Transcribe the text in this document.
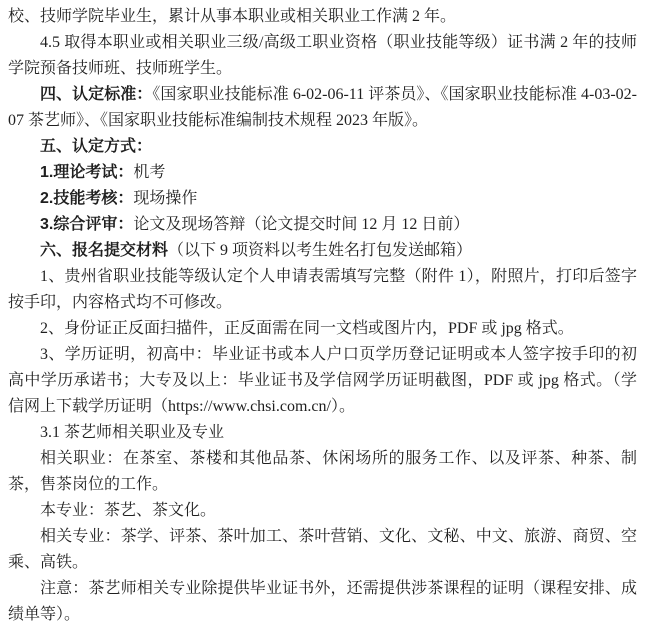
校、技师学院毕业生，累计从事本职业或相关职业工作满 2 年。

4.5 取得本职业或相关职业三级/高级工职业资格（职业技能等级）证书满 2 年的技师学院预备技师班、技师班学生。

四、认定标准：《国家职业技能标准 6-02-06-11 评茶员》、《国家职业技能标准 4-03-02-07 茶艺师》、《国家职业技能标准编制技术规程 2023 年版》。

五、认定方式：

1.理论考试：机考

2.技能考核：现场操作

3.综合评审：论文及现场答辩（论文提交时间 12 月 12 日前）

六、报名提交材料（以下 9 项资料以考生姓名打包发送邮箱）

1、贵州省职业技能等级认定个人申请表需填写完整（附件 1），附照片，打印后签字按手印，内容格式均不可修改。

2、身份证正反面扫描件，正反面需在同一文档或图片内，PDF 或 jpg 格式。

3、学历证明，初高中：毕业证书或本人户口页学历登记证明或本人签字按手印的初高中学历承诺书；大专及以上：毕业证书及学信网学历证明截图，PDF 或 jpg 格式。（学信网上下载学历证明（https://www.chsi.com.cn/）。

3.1 茶艺师相关职业及专业

相关职业：在茶室、茶楼和其他品茶、休闲场所的服务工作、以及评茶、种茶、制茶，售茶岗位的工作。

本专业：茶艺、茶文化。

相关专业：茶学、评茶、茶叶加工、茶叶营销、文化、文秘、中文、旅游、商贸、空乘、高铁。

注意：茶艺师相关专业除提供毕业证书外，还需提供涉茶课程的证明（课程安排、成绩单等）。
